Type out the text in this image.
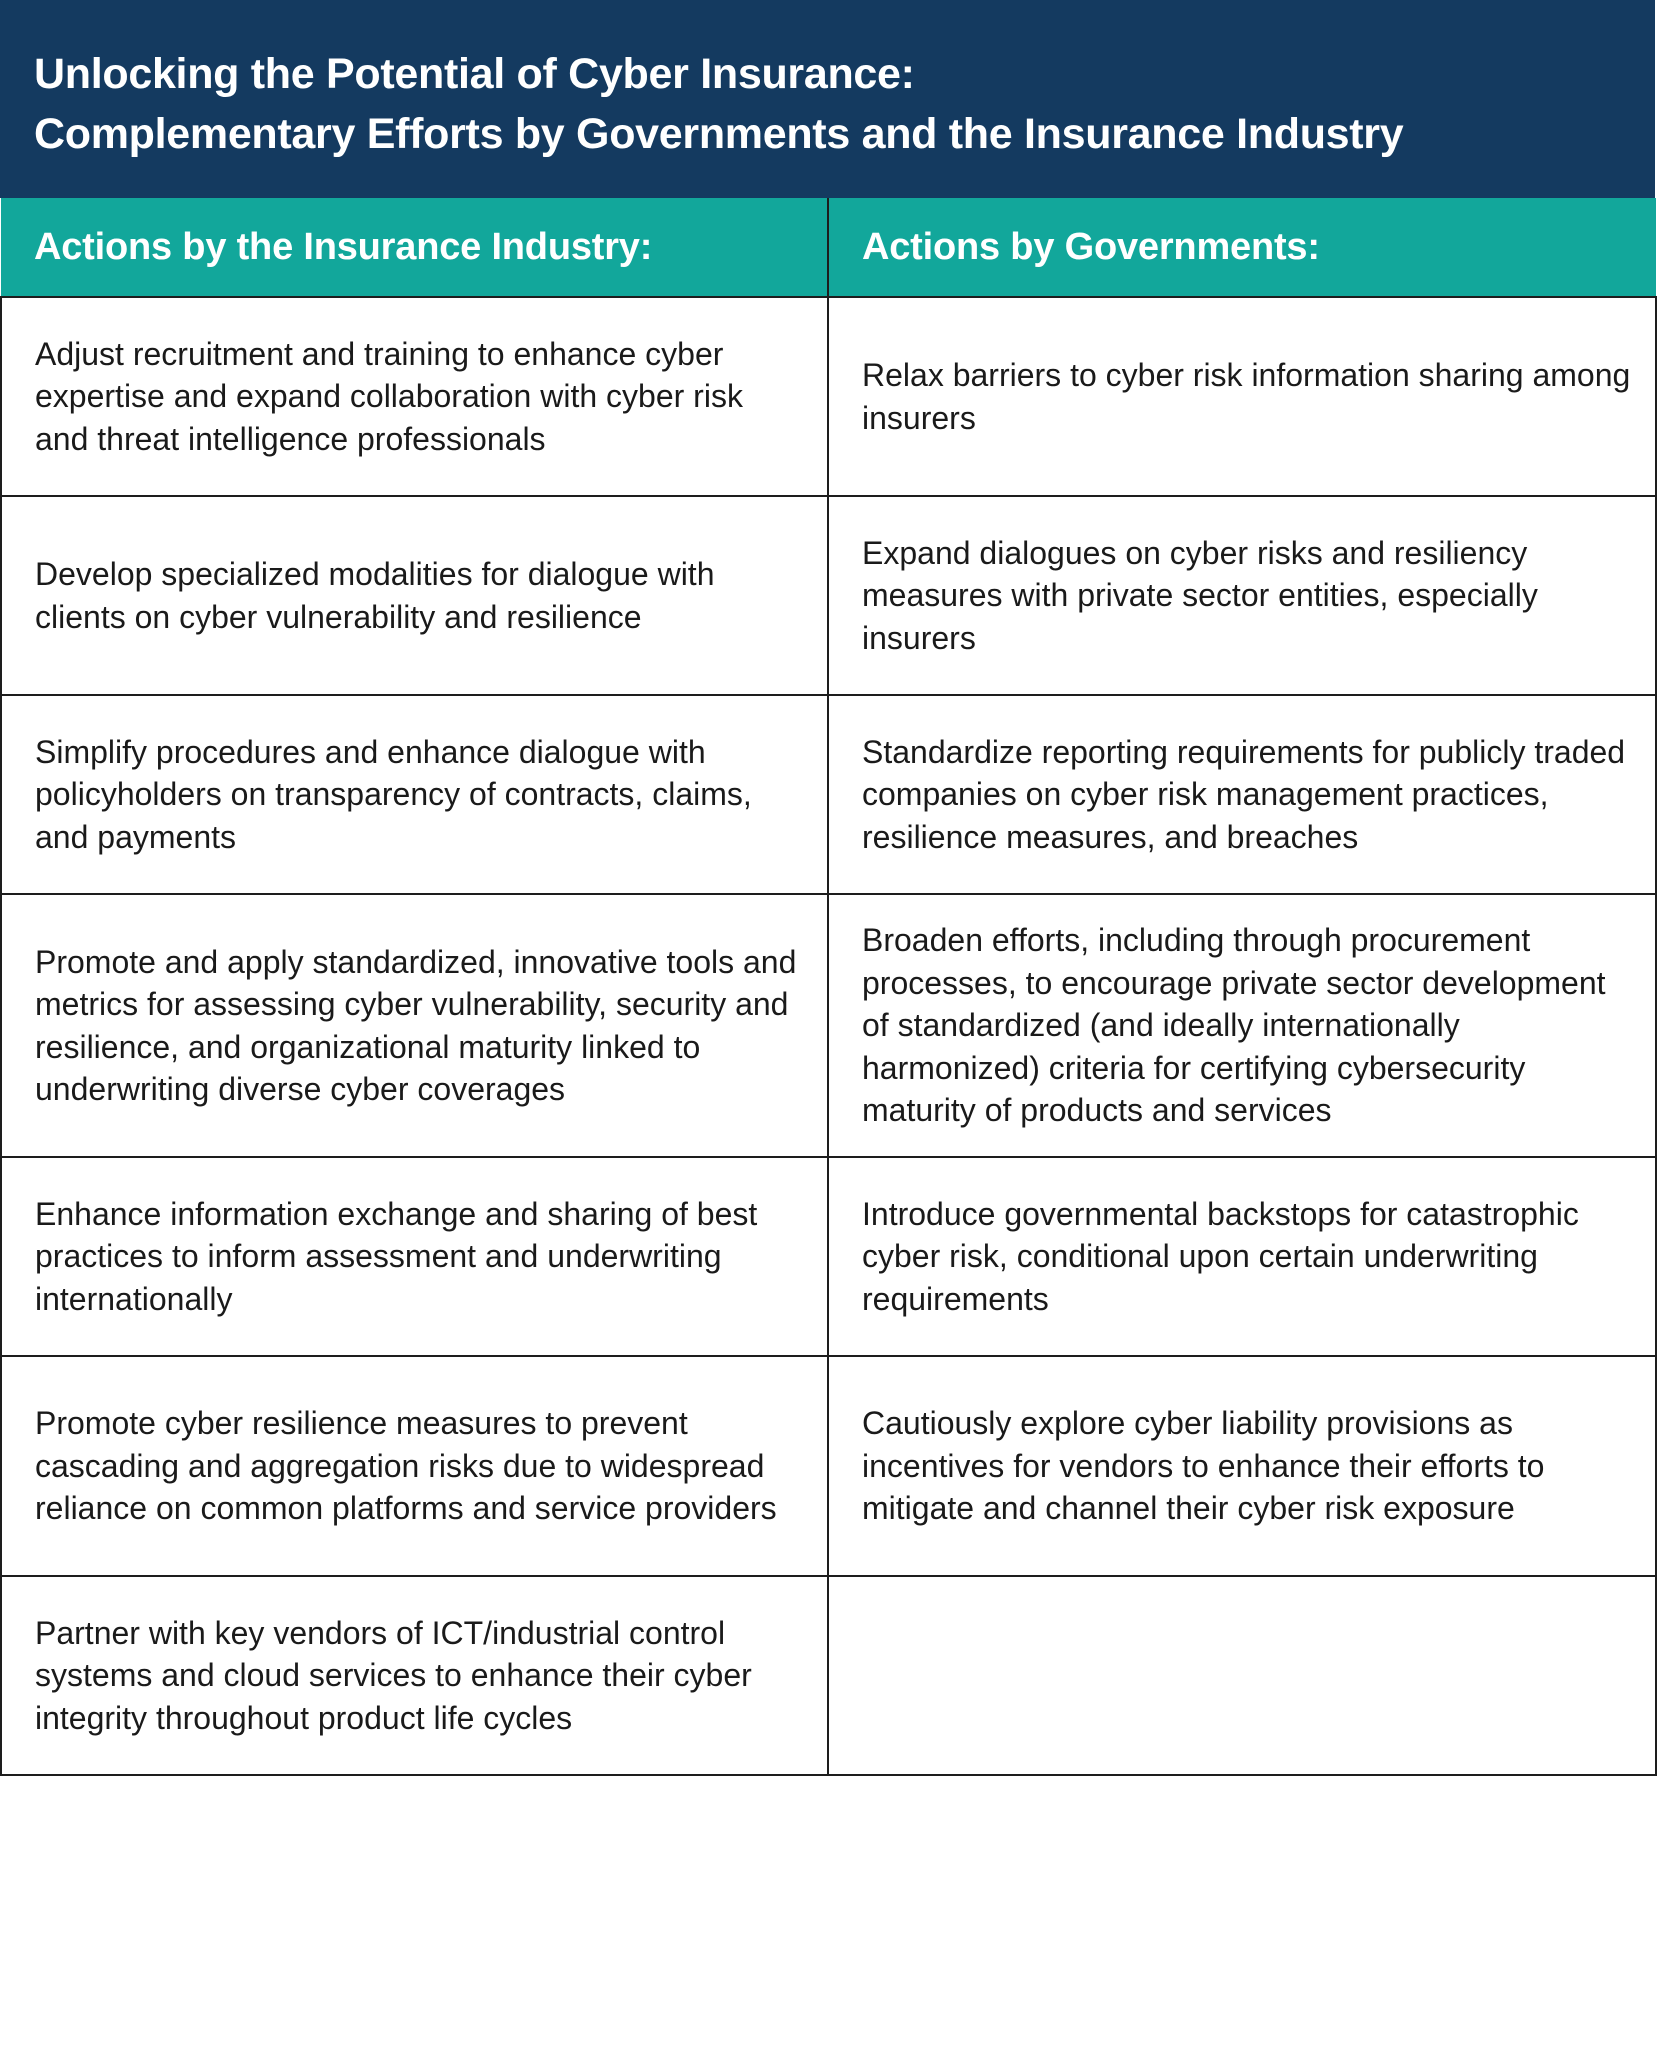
Unlocking the Potential of Cyber Insurance:
Complementary Efforts by Governments and the Insurance Industry
Actions by the Insurance Industry:	Actions by Governments:
Adjust recruitment and training to enhance cyber expertise and expand collaboration with cyber risk and threat intelligence professionals	Relax barriers to cyber risk information sharing among insurers
Develop specialized modalities for dialogue with clients on cyber vulnerability and resilience	Expand dialogues on cyber risks and resiliency measures with private sector entities, especially insurers
Simplify procedures and enhance dialogue with policyholders on transparency of contracts, claims, and payments	Standardize reporting requirements for publicly traded companies on cyber risk management practices, resilience measures, and breaches
Promote and apply standardized, innovative tools and metrics for assessing cyber vulnerability, security and resilience, and organizational maturity linked to underwriting diverse cyber coverages	Broaden efforts, including through procurement processes, to encourage private sector development of standardized (and ideally internationally harmonized) criteria for certifying cybersecurity maturity of products and services
Enhance information exchange and sharing of best practices to inform assessment and underwriting internationally	Introduce governmental backstops for catastrophic cyber risk, conditional upon certain underwriting requirements
Promote cyber resilience measures to prevent cascading and aggregation risks due to widespread reliance on common platforms and service providers	Cautiously explore cyber liability provisions as incentives for vendors to enhance their efforts to mitigate and channel their cyber risk exposure
Partner with key vendors of ICT/industrial control systems and cloud services to enhance their cyber integrity throughout product life cycles	
